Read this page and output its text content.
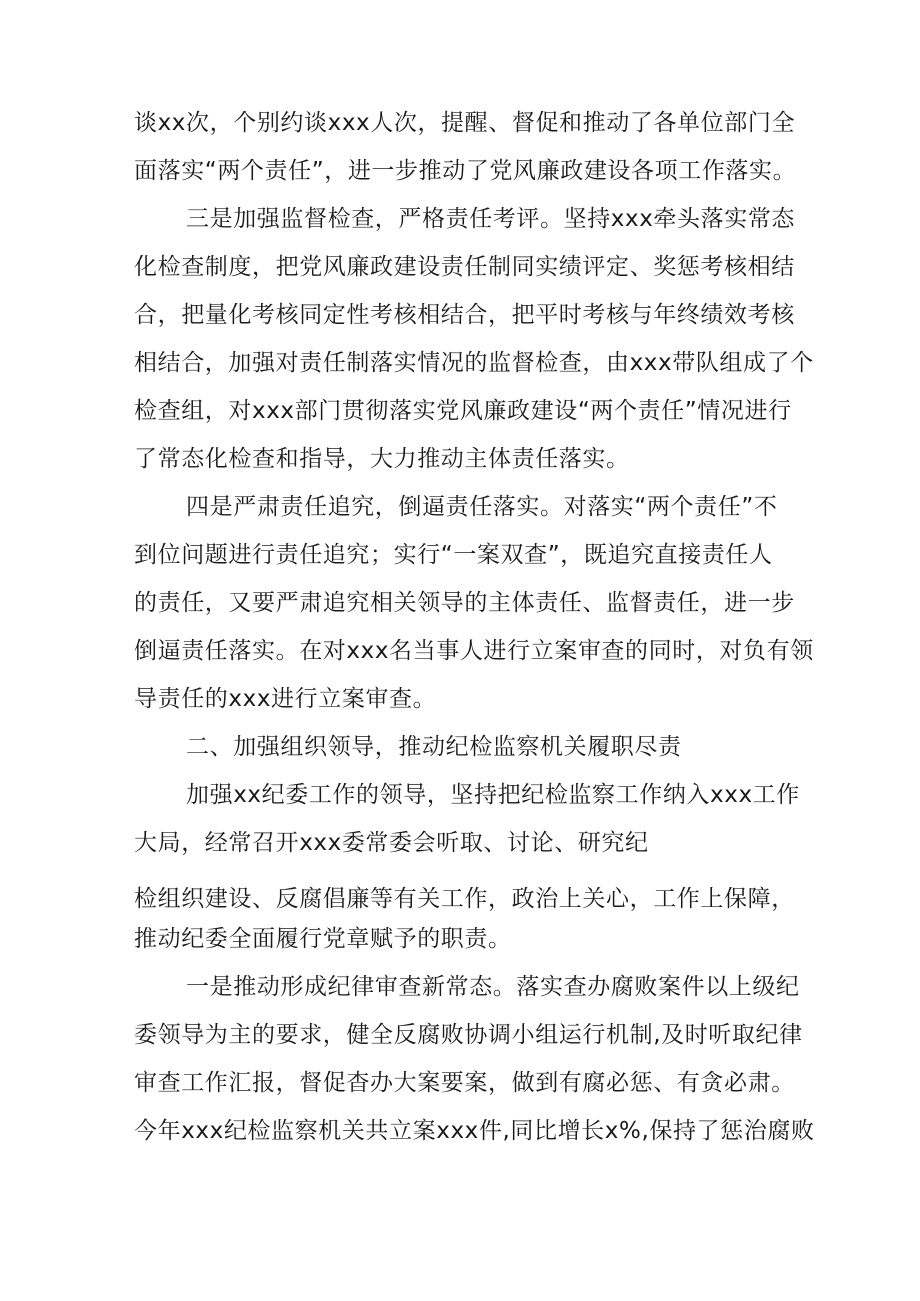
谈xx次，个别约谈xxx人次，提醒、督促和推动了各单位部门全
面落实“两个责任”，进一步推动了党风廉政建设各项工作落实。
三是加强监督检查，严格责任考评。坚持xxx牵头落实常态
化检查制度，把党风廉政建设责任制同实绩评定、奖惩考核相结
合，把量化考核同定性考核相结合，把平时考核与年终绩效考核
相结合，加强对责任制落实情况的监督检查，由xxx带队组成了个
检查组，对xxx部门贯彻落实党风廉政建设“两个责任”情况进行
了常态化检查和指导，大力推动主体责任落实。
四是严肃责任追究，倒逼责任落实。对落实“两个责任”不
到位问题进行责任追究；实行“一案双查”，既追究直接责任人
的责任，又要严肃追究相关领导的主体责任、监督责任，进一步
倒逼责任落实。在对xxx名当事人进行立案审查的同时，对负有领
导责任的xxx进行立案审查。
二、加强组织领导，推动纪检监察机关履职尽责
加强xx纪委工作的领导，坚持把纪检监察工作纳入xxx工作
大局，经常召开xxx委常委会听取、讨论、研究纪
检组织建设、反腐倡廉等有关工作，政治上关心，工作上保障，
推动纪委全面履行党章赋予的职责。
一是推动形成纪律审查新常态。落实查办腐败案件以上级纪
委领导为主的要求，健全反腐败协调小组运行机制,及时听取纪律
审查工作汇报，督促杳办大案要案，做到有腐必惩、有贪必肃。
今年xxx纪检监察机关共立案xxx件,同比增长x%,保持了惩治腐败
